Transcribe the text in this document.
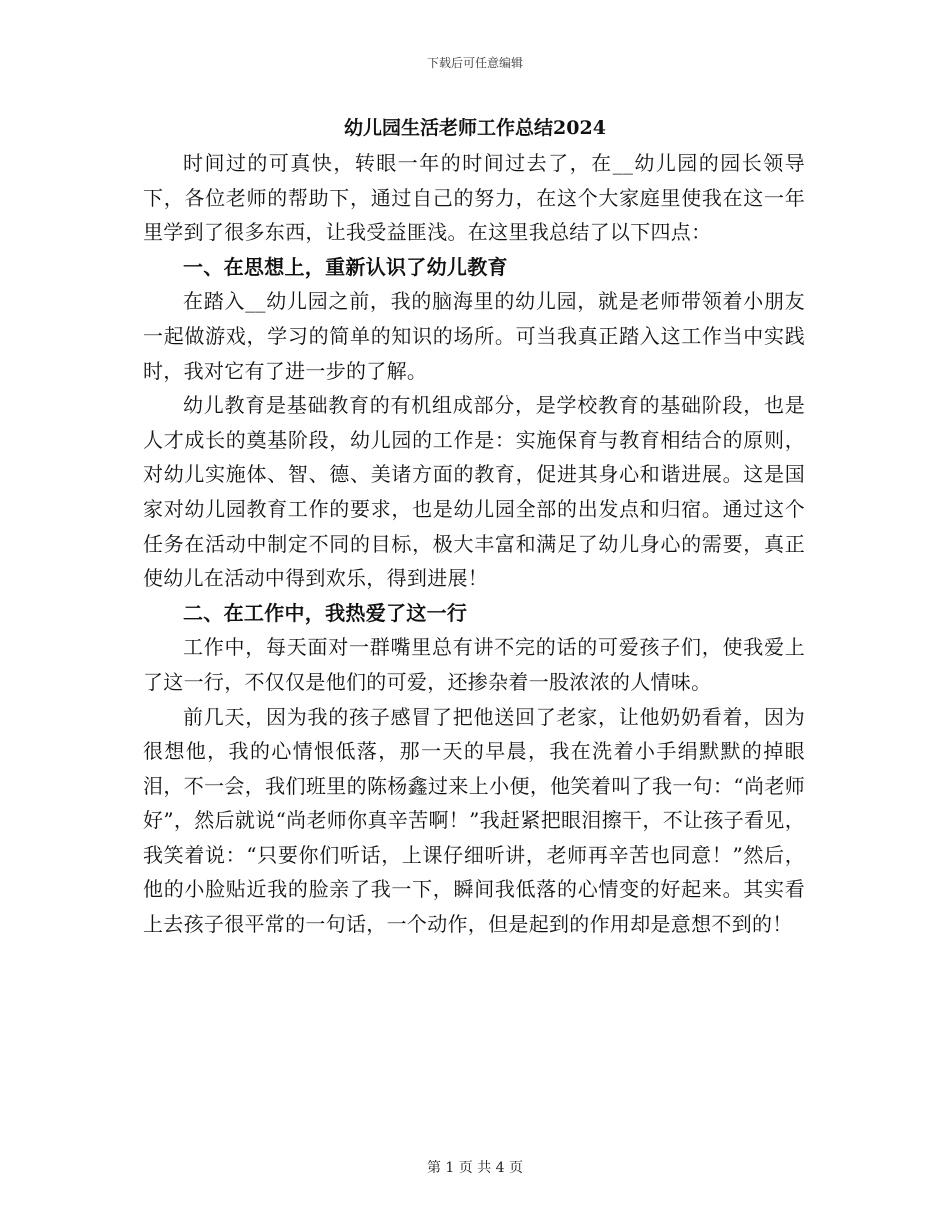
下载后可任意编辑
幼儿园生活老师工作总结2024

时间过的可真快，转眼一年的时间过去了，在__幼儿园的园长领导下，各位老师的帮助下，通过自己的努力，在这个大家庭里使我在这一年里学到了很多东西，让我受益匪浅。在这里我总结了以下四点：

一、在思想上，重新认识了幼儿教育

在踏入__幼儿园之前，我的脑海里的幼儿园，就是老师带领着小朋友一起做游戏，学习的简单的知识的场所。可当我真正踏入这工作当中实践时，我对它有了进一步的了解。

幼儿教育是基础教育的有机组成部分，是学校教育的基础阶段，也是人才成长的奠基阶段，幼儿园的工作是：实施保育与教育相结合的原则，对幼儿实施体、智、德、美诸方面的教育，促进其身心和谐进展。这是国家对幼儿园教育工作的要求，也是幼儿园全部的出发点和归宿。通过这个任务在活动中制定不同的目标，极大丰富和满足了幼儿身心的需要，真正使幼儿在活动中得到欢乐，得到进展！

二、在工作中，我热爱了这一行

工作中，每天面对一群嘴里总有讲不完的话的可爱孩子们，使我爱上了这一行，不仅仅是他们的可爱，还掺杂着一股浓浓的人情味。

前几天，因为我的孩子感冒了把他送回了老家，让他奶奶看着，因为很想他，我的心情恨低落，那一天的早晨，我在洗着小手绢默默的掉眼泪，不一会，我们班里的陈杨鑫过来上小便，他笑着叫了我一句：“尚老师好”，然后就说“尚老师你真辛苦啊！”我赶紧把眼泪擦干，不让孩子看见，我笑着说：“只要你们听话，上课仔细听讲，老师再辛苦也同意！”然后，他的小脸贴近我的脸亲了我一下，瞬间我低落的心情变的好起来。其实看上去孩子很平常的一句话，一个动作，但是起到的作用却是意想不到的！

第 1 页 共 4 页
